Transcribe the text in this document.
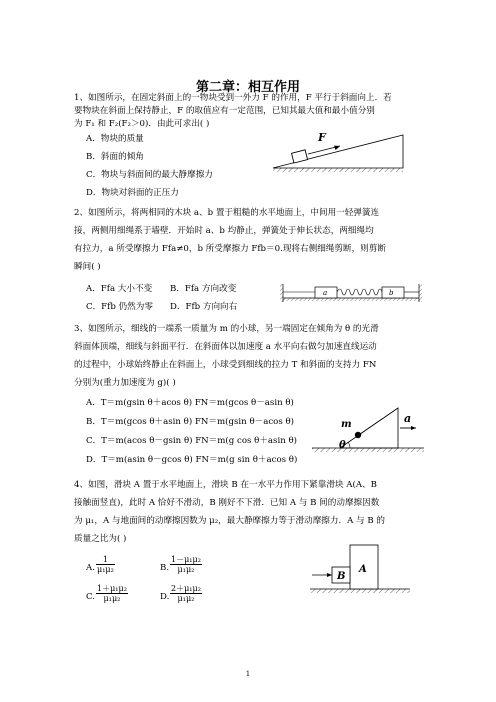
第二章：相互作用
1、如图所示，在固定斜面上的一物块受到一外力 F 的作用，F 平行于斜面向上．若
要物块在斜面上保持静止，F 的取值应有一定范围，已知其最大值和最小值分别
为 F₁ 和 F₂(F₂＞0)．由此可求出( )
A．物块的质量
B．斜面的倾角
C．物块与斜面间的最大静摩擦力
D．物块对斜面的正压力
F
2、如图所示，将两相同的木块 a、b 置于粗糙的水平地面上，中间用一轻弹簧连
接，两侧用细绳系于墙壁．开始时 a、b 均静止，弹簧处于伸长状态，两细绳均
有拉力，a 所受摩擦力 Ffa≠0，b 所受摩擦力 Ffb＝0.现将右侧细绳剪断，则剪断
瞬间( )
A．Ffa 大小不变 B．Ffa 方向改变
C．Ffb 仍然为零 D．Ffb 方向向右
a	b
3、如图所示，细线的一端系一质量为 m 的小球，另一端固定在倾角为 θ 的光滑
斜面体顶端，细线与斜面平行．在斜面体以加速度 a 水平向右做匀加速直线运动
的过程中，小球始终静止在斜面上，小球受到细线的拉力 T 和斜面的支持力 FN
分别为(重力加速度为 g)( )
A．T＝m(gsin θ＋acos θ) FN＝m(gcos θ－asin θ)
B．T＝m(gcos θ＋asin θ) FN＝m(gsin θ－acos θ)
C．T＝m(acos θ－gsin θ) FN＝m(g cos θ＋asin θ)
D．T＝m(asin θ－gcos θ) FN＝m(g sin θ＋acos θ)
m	a
θ
4、如图，滑块 A 置于水平地面上，滑块 B 在一水平力作用下紧靠滑块 A(A、B
接触面竖直)，此时 A 恰好不滑动，B 刚好不下滑．已知 A 与 B 间的动摩擦因数
为 μ₁，A 与地面间的动摩擦因数为 μ₂，最大静摩擦力等于滑动摩擦力．A 与 B 的
质量之比为( )
A. $\frac{1}{\text{μ₁μ₂}}$	B. $\frac{\text{1－μ₁μ₂}}{\text{μ₁μ₂}}$
C. $\frac{\text{1＋μ₁μ₂}}{\text{μ₁μ₂}}$	D. $\frac{\text{2＋μ₁μ₂}}{\text{μ₁μ₂}}$
B
A
1
